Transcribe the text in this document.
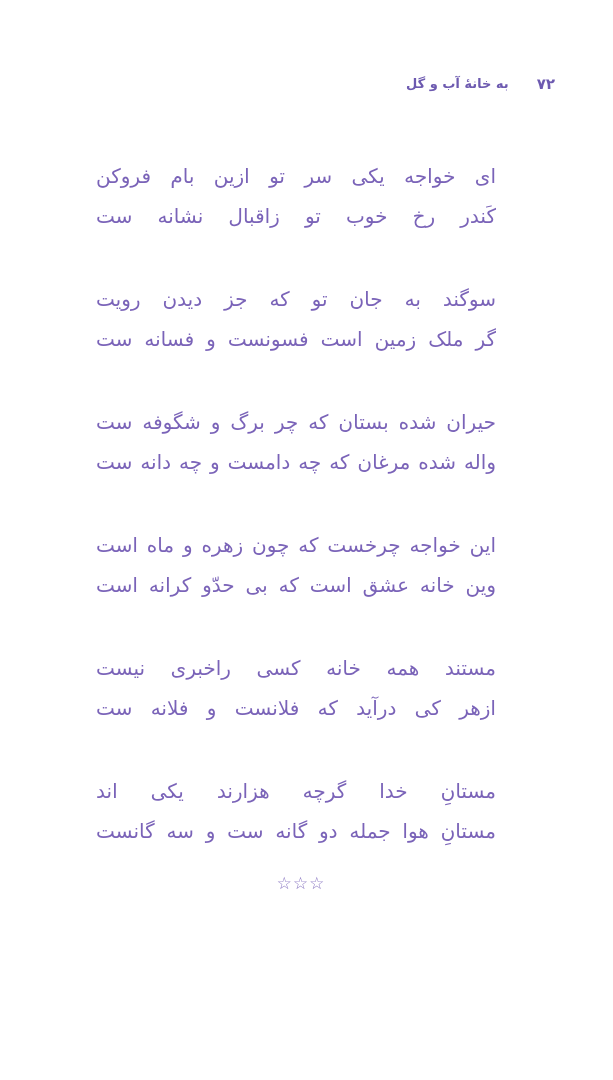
۷۲
به خانهٔ آب و گل
ای خواجه یکی سر تو ازین بام فروکن
کَندر رخ خوب تو زاقبال نشانه ست
سوگند به جان تو که جز دیدن رویت
گر ملک زمین است فسونست و فسانه ست
حیران شده بستان که چر برگ و شگوفه ست
واله شده مرغان که چه دامست و چه دانه ست
این خواجه چرخست که چون زهره و ماه است
وین خانه عشق است که بی حدّو کرانه است
مستند همه خانه کسی راخبری نیست
ازهر کی درآید که فلانست و فلانه ست
مستانِ خدا گرچه هزارند یکی اند
مستانِ هوا جمله دو گانه ست و سه گانست
☆☆☆
